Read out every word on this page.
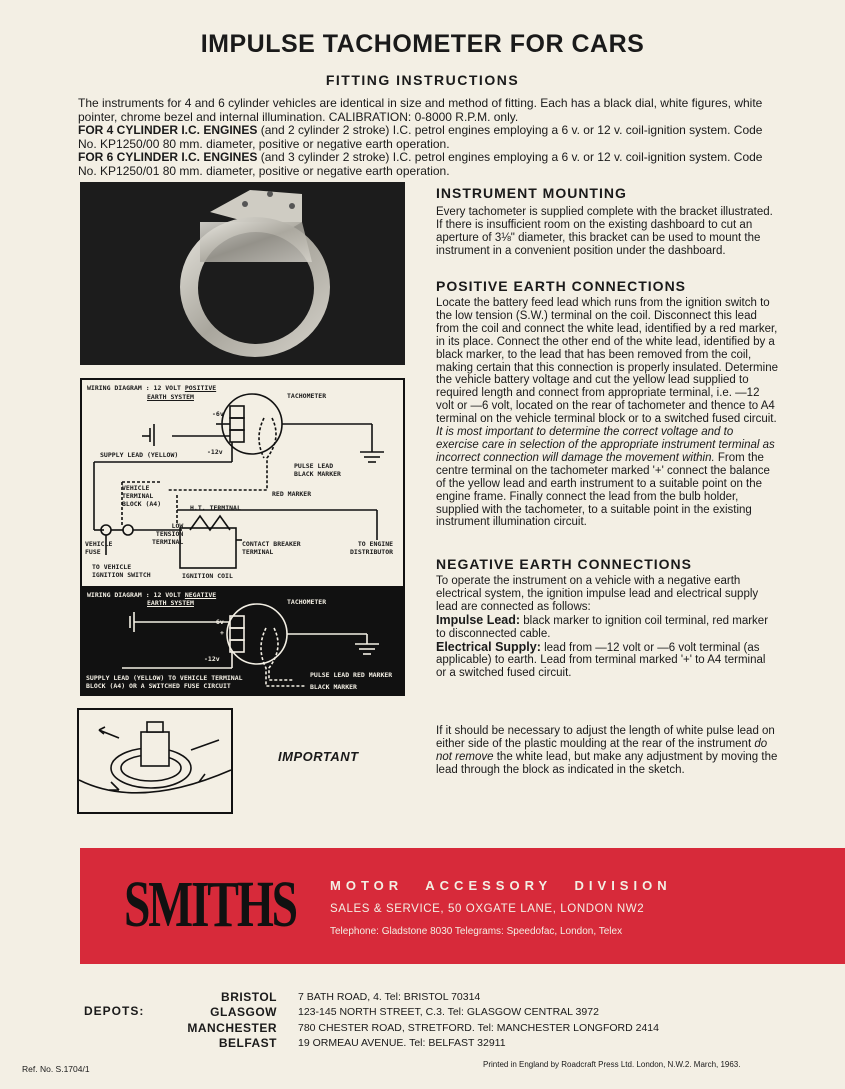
IMPULSE TACHOMETER FOR CARS
FITTING INSTRUCTIONS

The instruments for 4 and 6 cylinder vehicles are identical in size and method of fitting. Each has a black dial, white figures, white pointer, chrome bezel and internal illumination. CALIBRATION: 0-8000 R.P.M. only.

FOR 4 CYLINDER I.C. ENGINES (and 2 cylinder 2 stroke) I.C. petrol engines employing a 6 v. or 12 v. coil-ignition system. Code No. KP1250/00 80 mm. diameter, positive or negative earth operation.

FOR 6 CYLINDER I.C. ENGINES (and 3 cylinder 2 stroke) I.C. petrol engines employing a 6 v. or 12 v. coil-ignition system. Code No. KP1250/01 80 mm. diameter, positive or negative earth operation.

WIRING DIAGRAM : 12 VOLT POSITIVE
EARTH SYSTEM	TACHOMETER
-6v
+
-12v
SUPPLY LEAD (YELLOW)
PULSE LEAD
BLACK MARKER
VEHICLE
TERMINAL
BLOCK (A4)
RED MARKER
H.T. TERMINAL
LOW
TENSION
TERMINAL	CONTACT BREAKER
TERMINAL
TO ENGINE
DISTRIBUTOR
VEHICLE
FUSE
TO VEHICLE
IGNITION SWITCH	IGNITION COIL
WIRING DIAGRAM : 12 VOLT NEGATIVE
EARTH SYSTEM	TACHOMETER
-6v
+
-12v
SUPPLY LEAD (YELLOW) TO VEHICLE TERMINAL
BLOCK (A4) OR A SWITCHED FUSE CIRCUIT
PULSE LEAD RED MARKER
BLACK MARKER
IMPORTANT
INSTRUMENT MOUNTING
Every tachometer is supplied complete with the bracket illustrated. If there is insufficient room on the existing dashboard to cut an aperture of 3⅛" diameter, this bracket can be used to mount the instrument in a convenient position under the dashboard.
POSITIVE EARTH CONNECTIONS
Locate the battery feed lead which runs from the ignition switch to the low tension (S.W.) terminal on the coil. Disconnect this lead from the coil and connect the white lead, identified by a red marker, in its place. Connect the other end of the white lead, identified by a black marker, to the lead that has been removed from the coil, making certain that this connection is properly insulated. Determine the vehicle battery voltage and cut the yellow lead supplied to required length and connect from appropriate terminal, i.e. —12 volt or —6 volt, located on the rear of tachometer and thence to A4 terminal on the vehicle terminal block or to a switched fused circuit. It is most important to determine the correct voltage and to exercise care in selection of the appropriate instrument terminal as incorrect connection will damage the movement within. From the centre terminal on the tachometer marked '+' connect the balance of the yellow lead and earth instrument to a suitable point on the engine frame. Finally connect the lead from the bulb holder, supplied with the tachometer, to a suitable point in the existing instrument illumination circuit.
NEGATIVE EARTH CONNECTIONS
To operate the instrument on a vehicle with a negative earth electrical system, the ignition impulse lead and electrical supply lead are connected as follows:
Impulse Lead: black marker to ignition coil terminal, red marker to disconnected cable.
Electrical Supply: lead from —12 volt or —6 volt terminal (as applicable) to earth. Lead from terminal marked '+' to A4 terminal or a switched fused circuit.
If it should be necessary to adjust the length of white pulse lead on either side of the plastic moulding at the rear of the instrument do not remove the white lead, but make any adjustment by moving the lead through the block as indicated in the sketch.
SMITHS	MOTOR ACCESSORY DIVISION
SALES & SERVICE, 50 OXGATE LANE, LONDON NW2
Telephone: Gladstone 8030 Telegrams: Speedofac, London, Telex
DEPOTS:
BRISTOL 7 BATH ROAD, 4. Tel: BRISTOL 70314
GLASGOW 123-145 NORTH STREET, C.3. Tel: GLASGOW CENTRAL 3972
MANCHESTER 780 CHESTER ROAD, STRETFORD. Tel: MANCHESTER LONGFORD 2414
BELFAST 19 ORMEAU AVENUE. Tel: BELFAST 32911
Ref. No. S.1704/1	Printed in England by Roadcraft Press Ltd. London, N.W.2. March, 1963.
